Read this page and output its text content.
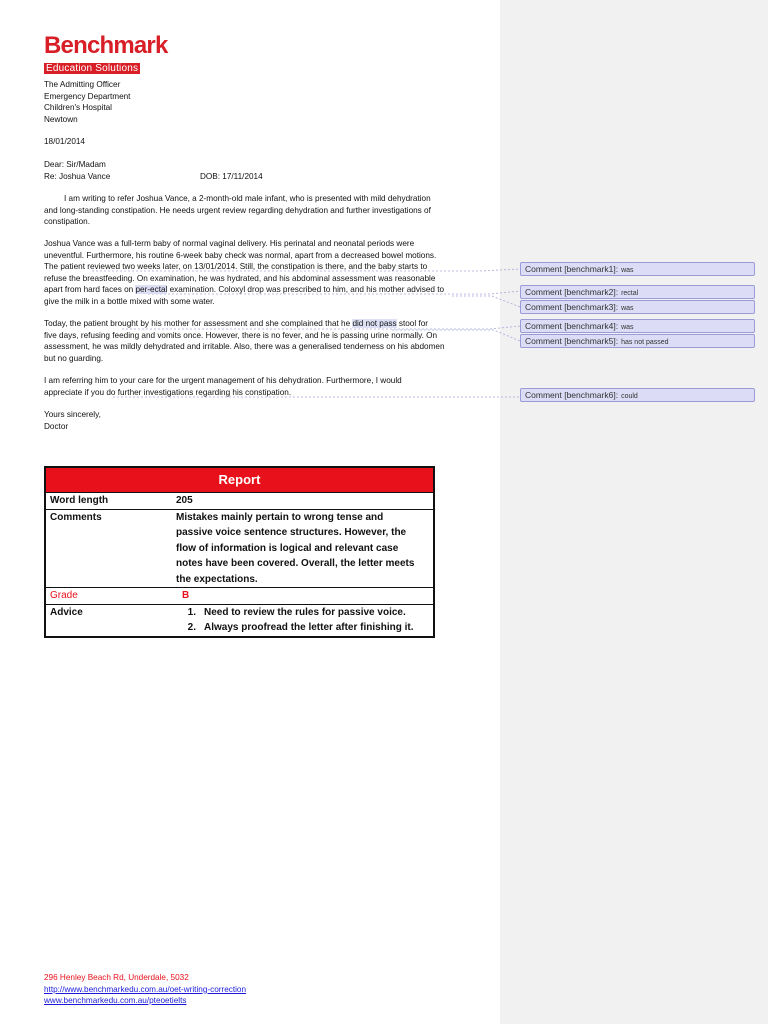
Benchmark
Education Solutions
The Admitting Officer
Emergency Department
Children's Hospital
Newtown
18/01/2014
Dear: Sir/Madam
Re: Joshua Vance	DOB: 17/11/2014
I am writing to refer Joshua Vance, a 2-month-old male infant, who is presented with mild dehydration
and long-standing constipation. He needs urgent review regarding dehydration and further investigations of
constipation.
Joshua Vance was a full-term baby of normal vaginal delivery. His perinatal and neonatal periods were
uneventful. Furthermore, his routine 6-week baby check was normal, apart from a decreased bowel motions.
The patient reviewed two weeks later, on 13/01/2014. Still, the constipation is there, and the baby starts to
refuse the breastfeeding. On examination, he was hydrated, and his abdominal assessment was reasonable
apart from hard faces on per-ectal examination. Coloxyl drop was prescribed to him, and his mother advised to
give the milk in a bottle mixed with some water.
Today, the patient brought by his mother for assessment and she complained that he did not pass stool for
five days, refusing feeding and vomits once. However, there is no fever, and he is passing urine normally. On
assessment, he was mildly dehydrated and irritable. Also, there was a generalised tenderness on his abdomen
but no guarding.
I am referring him to your care for the urgent management of his dehydration. Furthermore, I would
appreciate if you do further investigations regarding his constipation.
Yours sincerely,
Doctor
Comment [benchmark1]: was
Comment [benchmark2]: rectal
Comment [benchmark3]: was
Comment [benchmark4]: was
Comment [benchmark5]: has not passed
Comment [benchmark6]: could
Report
Word length	205
Comments	Mistakes mainly pertain to wrong tense and
passive voice sentence structures. However, the
flow of information is logical and relevant case
notes have been covered. Overall, the letter meets
the expectations.
Grade	B
Advice	1. Need to review the rules for passive voice.
2. Always proofread the letter after finishing it.
296 Henley Beach Rd, Underdale, 5032
http://www.benchmarkedu.com.au/oet-writing-correction
www.benchmarkedu.com.au/pteoetielts
